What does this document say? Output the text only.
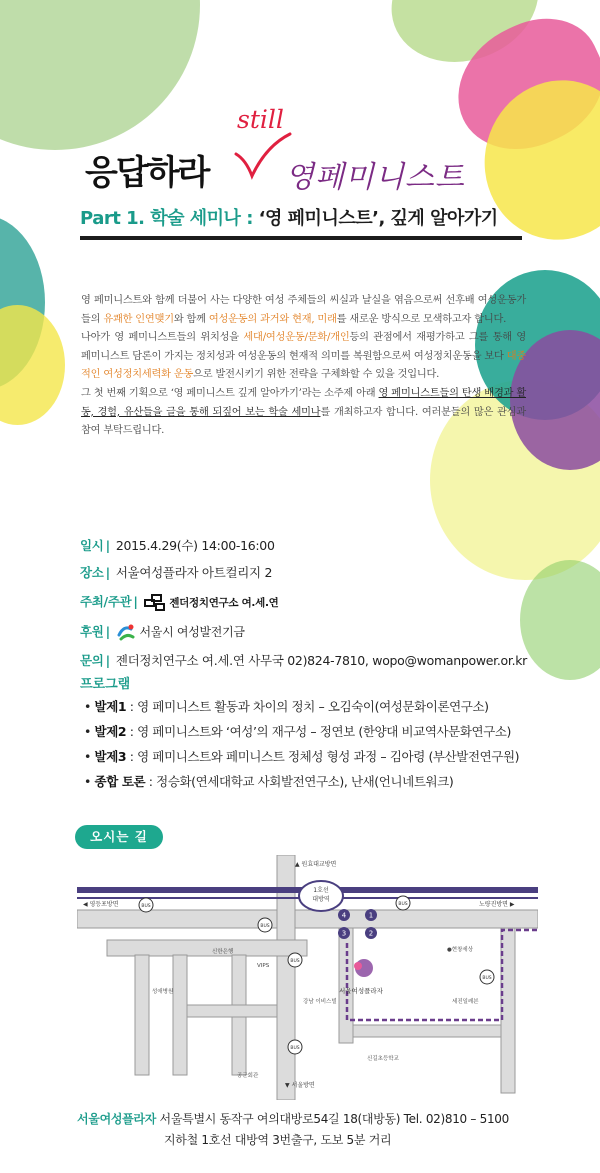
응답하라
still
영페미니스트
Part 1. 학술 세미나 : ‘영 페미니스트’, 깊게 알아가기

영 페미니스트와 함께 더불어 사는 다양한 여성 주체들의 씨실과 날실을 엮음으로써 선후배 여성운동가들의 유쾌한 인연맺기와 함께 여성운동의 과거와 현재, 미래를 새로운 방식으로 모색하고자 합니다.

나아가 영 페미니스트들의 위치성을 세대/여성운동/문화/개인등의 관점에서 재평가하고 그를 통해 영 페미니스트 담론이 가지는 정치성과 여성운동의 현재적 의미를 복원함으로써 여성정치운동을 보다 대중적인 여성정치세력화 운동으로 발전시키기 위한 전략을 구체화할 수 있을 것입니다.

그 첫 번째 기획으로 ‘영 페미니스트 깊게 알아가기’라는 소주제 아래 영 페미니스트들의 탄생 배경과 활동, 경험, 유산들을 글을 통해 되짚어 보는 학술 세미나를 개최하고자 합니다. 여러분들의 많은 관심과 참여 부탁드립니다.

일시 | 2015.4.29(수) 14:00-16:00
장소 | 서울여성플라자 아트컬리지 2
주최/주관 |	젠더정치연구소 여.세.연
후원 | 서울시 여성발전기금
문의 | 젠더정치연구소 여.세.연 사무국 02)824-7810, wopo@womanpower.or.kr
프로그램
• 발제1 : 영 페미니스트 활동과 차이의 정치 – 오김숙이(여성문화이론연구소)
• 발제2 : 영 페미니스트와 ‘여성’의 재구성 – 정연보 (한양대 비교역사문화연구소)
• 발제3 : 영 페미니스트와 페미니스트 정체성 형성 과정 – 김아령 (부산발전연구원)
• 종합 토론 : 정승화(연세대학교 사회발전연구소), 난새(언니네트워크)
오시는 길
1호선
대방역
4	1
3	2
BUS
BUS
BUS
BUS
BUS
BUS
▲ 원효대교방면
◀ 영등포방면	노량진방면 ▶
▼ 서울방면
신한은행
VIPS
성애병원
강남 이비스빌
서울여성플라자
공군회관
신길초등학교
●현창세상
세진일레븐
서울여성플라자 서울특별시 동작구 여의대방로54길 18(대방동) Tel. 02)810 – 5100
지하철 1호선 대방역 3번출구, 도보 5분 거리
